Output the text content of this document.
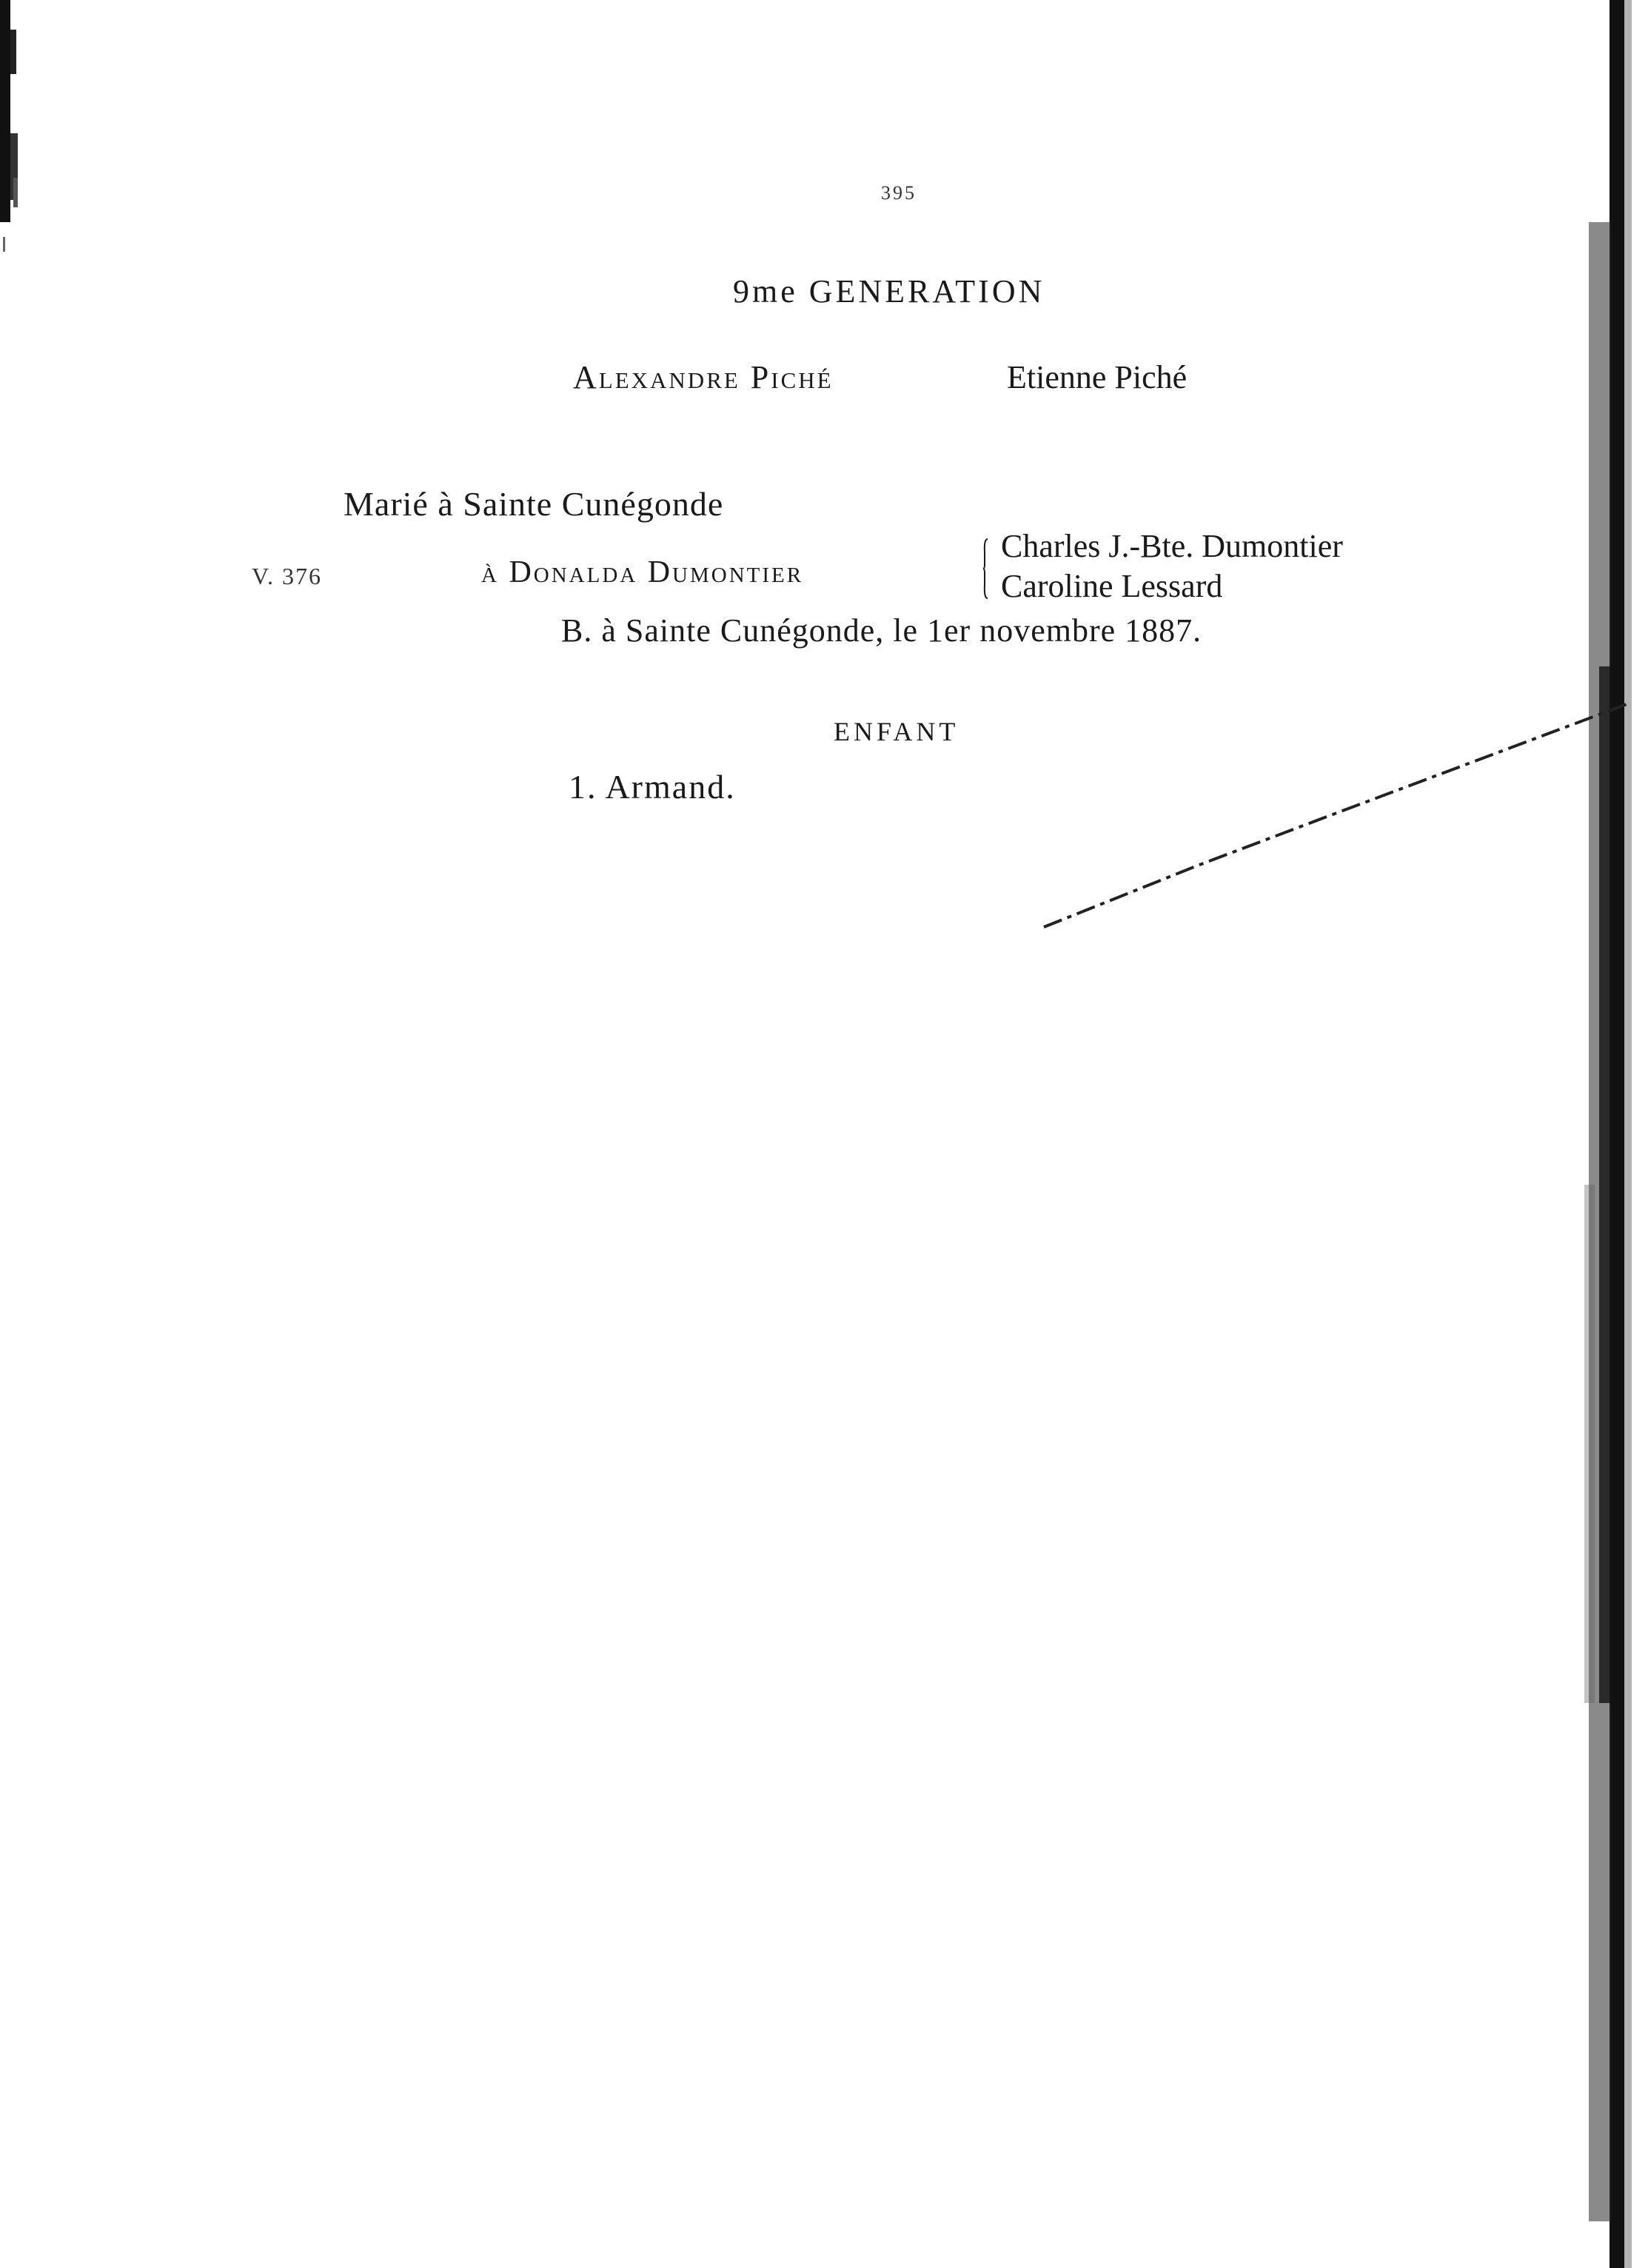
395
9me GENERATION
Alexandre Piché	Etienne Piché
Marié à Sainte Cunégonde
V. 376	à Donalda Dumontier
Charles J.-Bte. Dumontier
Caroline Lessard
B. à Sainte Cunégonde, le 1er novembre 1887.
ENFANT
1. Armand.
